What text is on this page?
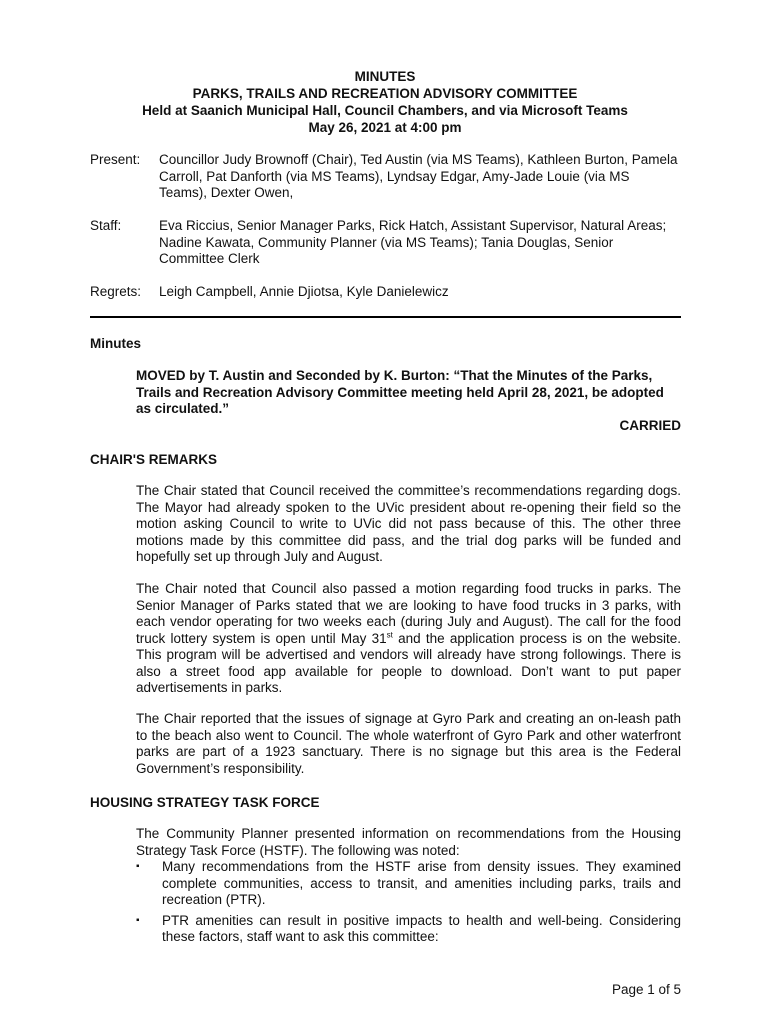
MINUTES
PARKS, TRAILS AND RECREATION ADVISORY COMMITTEE
Held at Saanich Municipal Hall, Council Chambers, and via Microsoft Teams
May 26, 2021 at 4:00 pm
Present: Councillor Judy Brownoff (Chair), Ted Austin (via MS Teams), Kathleen Burton, Pamela Carroll, Pat Danforth (via MS Teams), Lyndsay Edgar, Amy-Jade Louie (via MS Teams), Dexter Owen,
Staff:	Eva Riccius, Senior Manager Parks, Rick Hatch, Assistant Supervisor, Natural Areas; Nadine Kawata, Community Planner (via MS Teams); Tania Douglas, Senior Committee Clerk
Regrets: Leigh Campbell, Annie Djiotsa, Kyle Danielewicz
Minutes
MOVED by T. Austin and Seconded by K. Burton: “That the Minutes of the Parks, Trails and Recreation Advisory Committee meeting held April 28, 2021, be adopted as circulated.”
CARRIED
CHAIR'S REMARKS
The Chair stated that Council received the committee’s recommendations regarding dogs. The Mayor had already spoken to the UVic president about re-opening their field so the motion asking Council to write to UVic did not pass because of this. The other three motions made by this committee did pass, and the trial dog parks will be funded and hopefully set up through July and August.
The Chair noted that Council also passed a motion regarding food trucks in parks. The Senior Manager of Parks stated that we are looking to have food trucks in 3 parks, with each vendor operating for two weeks each (during July and August). The call for the food truck lottery system is open until May 31st and the application process is on the website. This program will be advertised and vendors will already have strong followings. There is also a street food app available for people to download. Don’t want to put paper advertisements in parks.
The Chair reported that the issues of signage at Gyro Park and creating an on-leash path to the beach also went to Council. The whole waterfront of Gyro Park and other waterfront parks are part of a 1923 sanctuary. There is no signage but this area is the Federal Government’s responsibility.
HOUSING STRATEGY TASK FORCE
The Community Planner presented information on recommendations from the Housing Strategy Task Force (HSTF). The following was noted:
▪ Many recommendations from the HSTF arise from density issues. They examined complete communities, access to transit, and amenities including parks, trails and recreation (PTR).
▪ PTR amenities can result in positive impacts to health and well-being. Considering these factors, staff want to ask this committee:
Page 1 of 5
